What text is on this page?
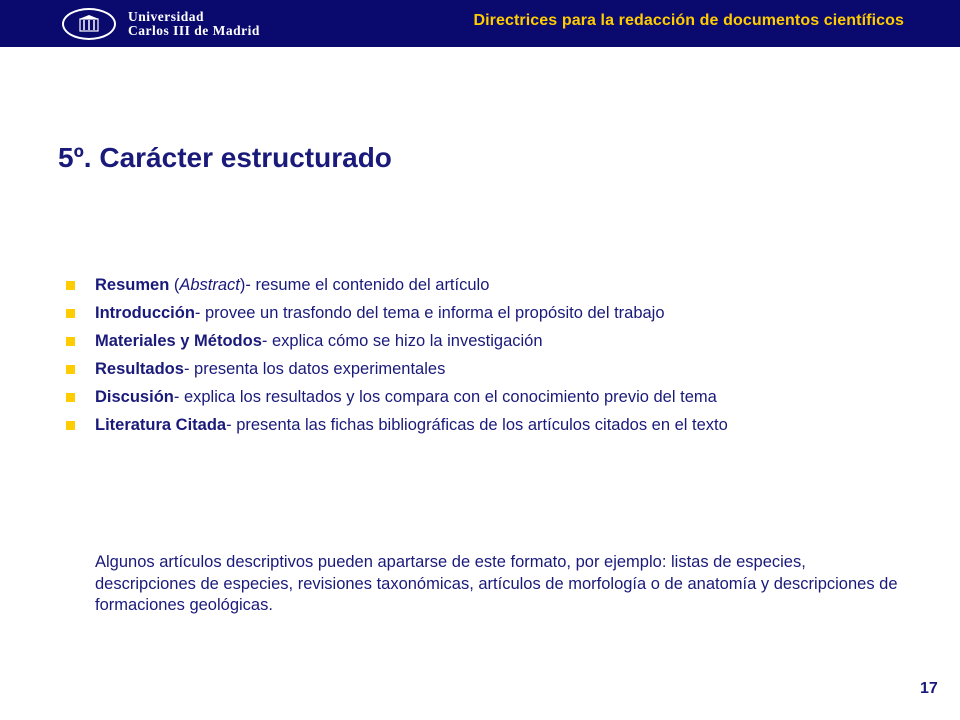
Universidad
Carlos III de Madrid
Directrices para la redacción de documentos científicos
5º. Carácter estructurado
Resumen (Abstract)- resume el contenido del artículo
Introducción- provee un trasfondo del tema e informa el propósito del trabajo
Materiales y Métodos- explica cómo se hizo la investigación
Resultados- presenta los datos experimentales
Discusión- explica los resultados y los compara con el conocimiento previo del tema
Literatura Citada- presenta las fichas bibliográficas de los artículos citados en el texto

Algunos artículos descriptivos pueden apartarse de este formato, por ejemplo: listas de especies, descripciones de especies, revisiones taxonómicas, artículos de morfología o de anatomía y descripciones de formaciones geológicas.

17
